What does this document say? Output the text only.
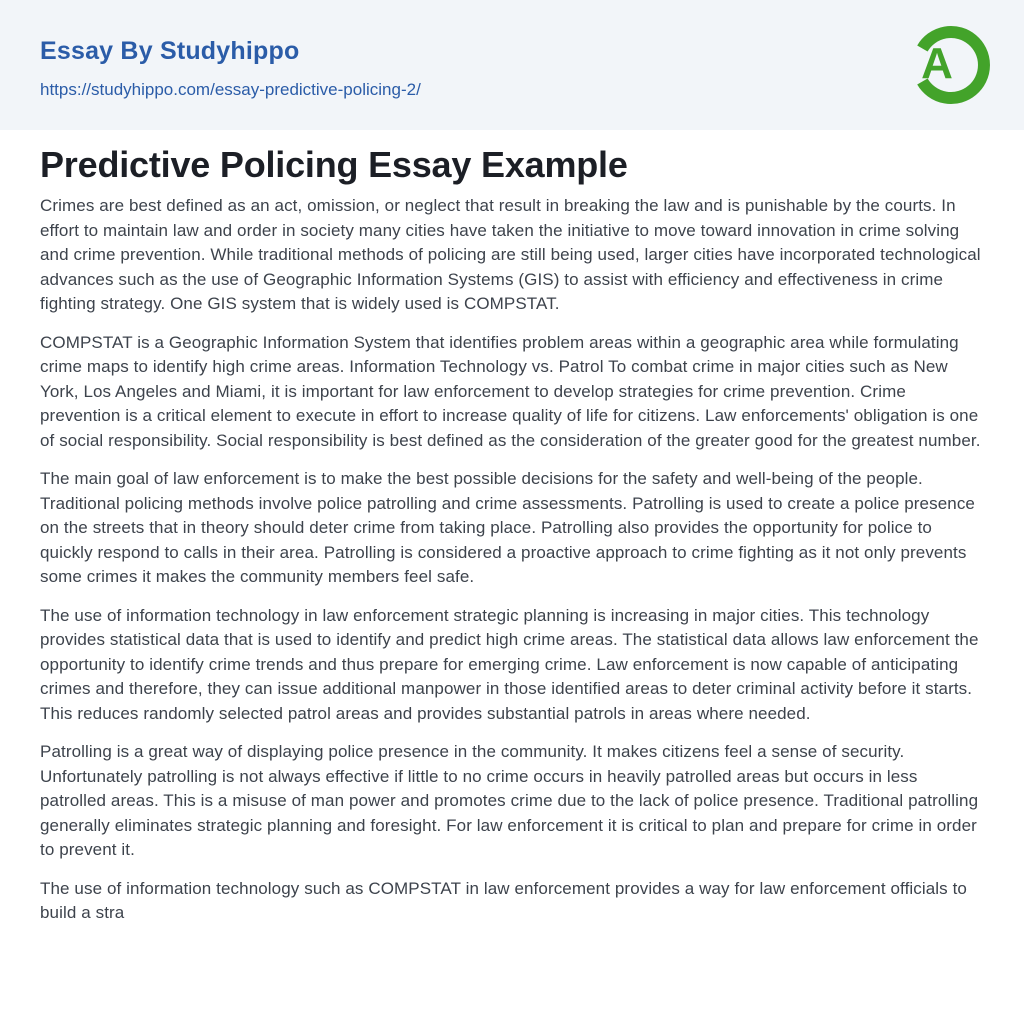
Essay By Studyhippo
https://studyhippo.com/essay-predictive-policing-2/
A
Predictive Policing Essay Example

Crimes are best defined as an act, omission, or neglect that result in breaking the law and is punishable by the courts. In effort to maintain law and order in society many cities have taken the initiative to move toward innovation in crime solving and crime prevention. While traditional methods of policing are still being used, larger cities have incorporated technological advances such as the use of Geographic Information Systems (GIS) to assist with efficiency and effectiveness in crime fighting strategy. One GIS system that is widely used is COMPSTAT.

COMPSTAT is a Geographic Information System that identifies problem areas within a geographic area while formulating crime maps to identify high crime areas. Information Technology vs. Patrol To combat crime in major cities such as New York, Los Angeles and Miami, it is important for law enforcement to develop strategies for crime prevention. Crime prevention is a critical element to execute in effort to increase quality of life for citizens. Law enforcements' obligation is one of social responsibility. Social responsibility is best defined as the consideration of the greater good for the greatest number.

The main goal of law enforcement is to make the best possible decisions for the safety and well-being of the people. Traditional policing methods involve police patrolling and crime assessments. Patrolling is used to create a police presence on the streets that in theory should deter crime from taking place. Patrolling also provides the opportunity for police to quickly respond to calls in their area. Patrolling is considered a proactive approach to crime fighting as it not only prevents some crimes it makes the community members feel safe.

The use of information technology in law enforcement strategic planning is increasing in major cities. This technology provides statistical data that is used to identify and predict high crime areas. The statistical data allows law enforcement the opportunity to identify crime trends and thus prepare for emerging crime. Law enforcement is now capable of anticipating crimes and therefore, they can issue additional manpower in those identified areas to deter criminal activity before it starts. This reduces randomly selected patrol areas and provides substantial patrols in areas where needed.

Patrolling is a great way of displaying police presence in the community. It makes citizens feel a sense of security. Unfortunately patrolling is not always effective if little to no crime occurs in heavily patrolled areas but occurs in less patrolled areas. This is a misuse of man power and promotes crime due to the lack of police presence. Traditional patrolling generally eliminates strategic planning and foresight. For law enforcement it is critical to plan and prepare for crime in order to prevent it.

The use of information technology such as COMPSTAT in law enforcement provides a way for law enforcement officials to build a stra
